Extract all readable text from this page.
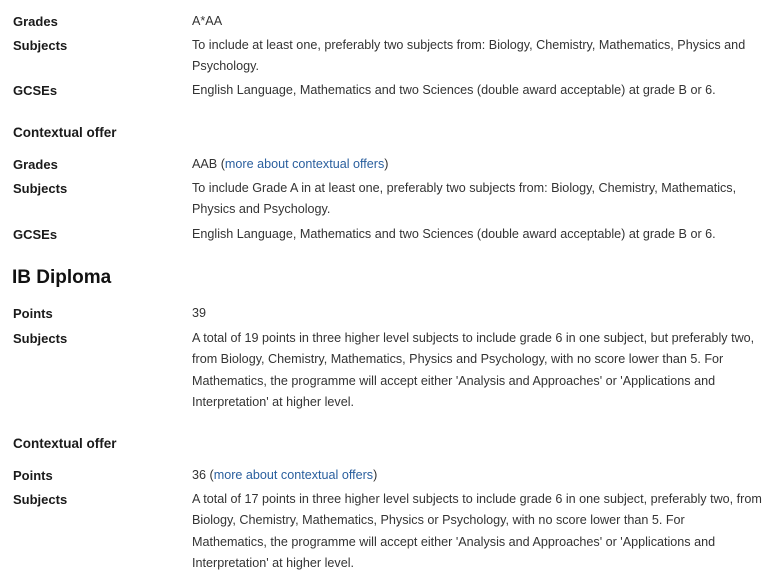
Grades	A*AA
Subjects	To include at least one, preferably two subjects from: Biology, Chemistry, Mathematics, Physics and Psychology.
GCSEs	English Language, Mathematics and two Sciences (double award acceptable) at grade B or 6.
Contextual offer
Grades	AAB (more about contextual offers)
Subjects	To include Grade A in at least one, preferably two subjects from: Biology, Chemistry, Mathematics, Physics and Psychology.
GCSEs	English Language, Mathematics and two Sciences (double award acceptable) at grade B or 6.
IB Diploma
Points	39
Subjects	A total of 19 points in three higher level subjects to include grade 6 in one subject, but preferably two, from Biology, Chemistry, Mathematics, Physics and Psychology, with no score lower than 5. For Mathematics, the programme will accept either 'Analysis and Approaches' or 'Applications and Interpretation' at higher level.
Contextual offer
Points	36 (more about contextual offers)
Subjects	A total of 17 points in three higher level subjects to include grade 6 in one subject, preferably two, from Biology, Chemistry, Mathematics, Physics or Psychology, with no score lower than 5. For Mathematics, the programme will accept either 'Analysis and Approaches' or 'Applications and Interpretation' at higher level.
